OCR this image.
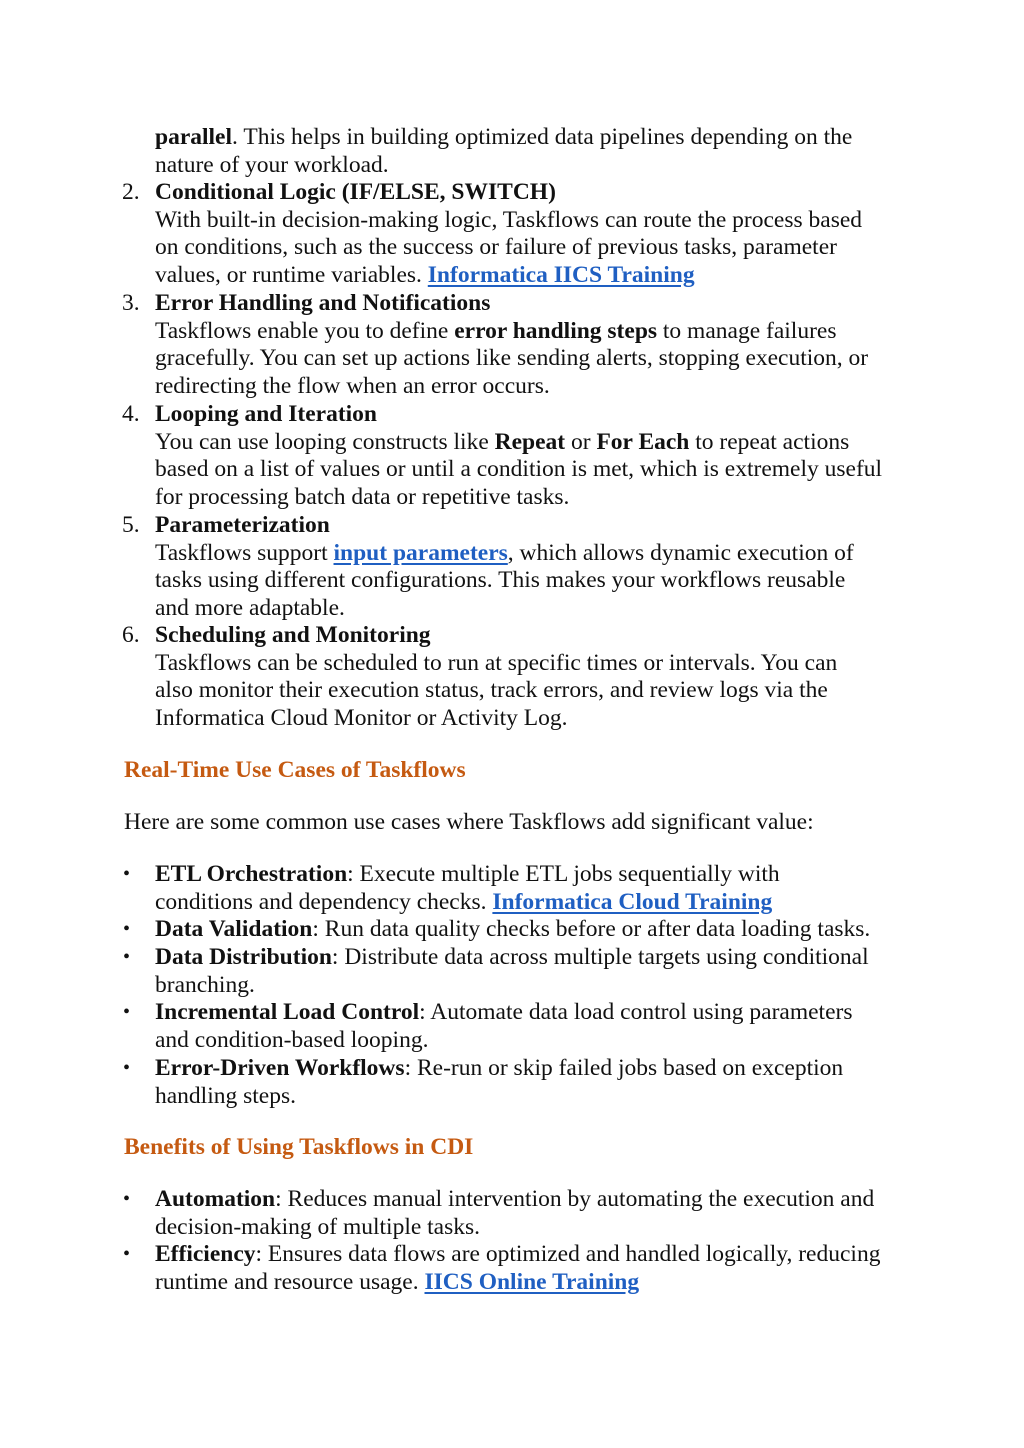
parallel. This helps in building optimized data pipelines depending on the
nature of your workload.
2. Conditional Logic (IF/ELSE, SWITCH)
With built-in decision-making logic, Taskflows can route the process based
on conditions, such as the success or failure of previous tasks, parameter
values, or runtime variables. Informatica IICS Training
3. Error Handling and Notifications
Taskflows enable you to define error handling steps to manage failures
gracefully. You can set up actions like sending alerts, stopping execution, or
redirecting the flow when an error occurs.
4. Looping and Iteration
You can use looping constructs like Repeat or For Each to repeat actions
based on a list of values or until a condition is met, which is extremely useful
for processing batch data or repetitive tasks.
5. Parameterization
Taskflows support input parameters, which allows dynamic execution of
tasks using different configurations. This makes your workflows reusable
and more adaptable.
6. Scheduling and Monitoring
Taskflows can be scheduled to run at specific times or intervals. You can
also monitor their execution status, track errors, and review logs via the
Informatica Cloud Monitor or Activity Log.
Real-Time Use Cases of Taskflows
Here are some common use cases where Taskflows add significant value:
• ETL Orchestration: Execute multiple ETL jobs sequentially with
conditions and dependency checks. Informatica Cloud Training
• Data Validation: Run data quality checks before or after data loading tasks.
• Data Distribution: Distribute data across multiple targets using conditional
branching.
• Incremental Load Control: Automate data load control using parameters
and condition-based looping.
• Error-Driven Workflows: Re-run or skip failed jobs based on exception
handling steps.
Benefits of Using Taskflows in CDI
• Automation: Reduces manual intervention by automating the execution and
decision-making of multiple tasks.
• Efficiency: Ensures data flows are optimized and handled logically, reducing
runtime and resource usage. IICS Online Training
